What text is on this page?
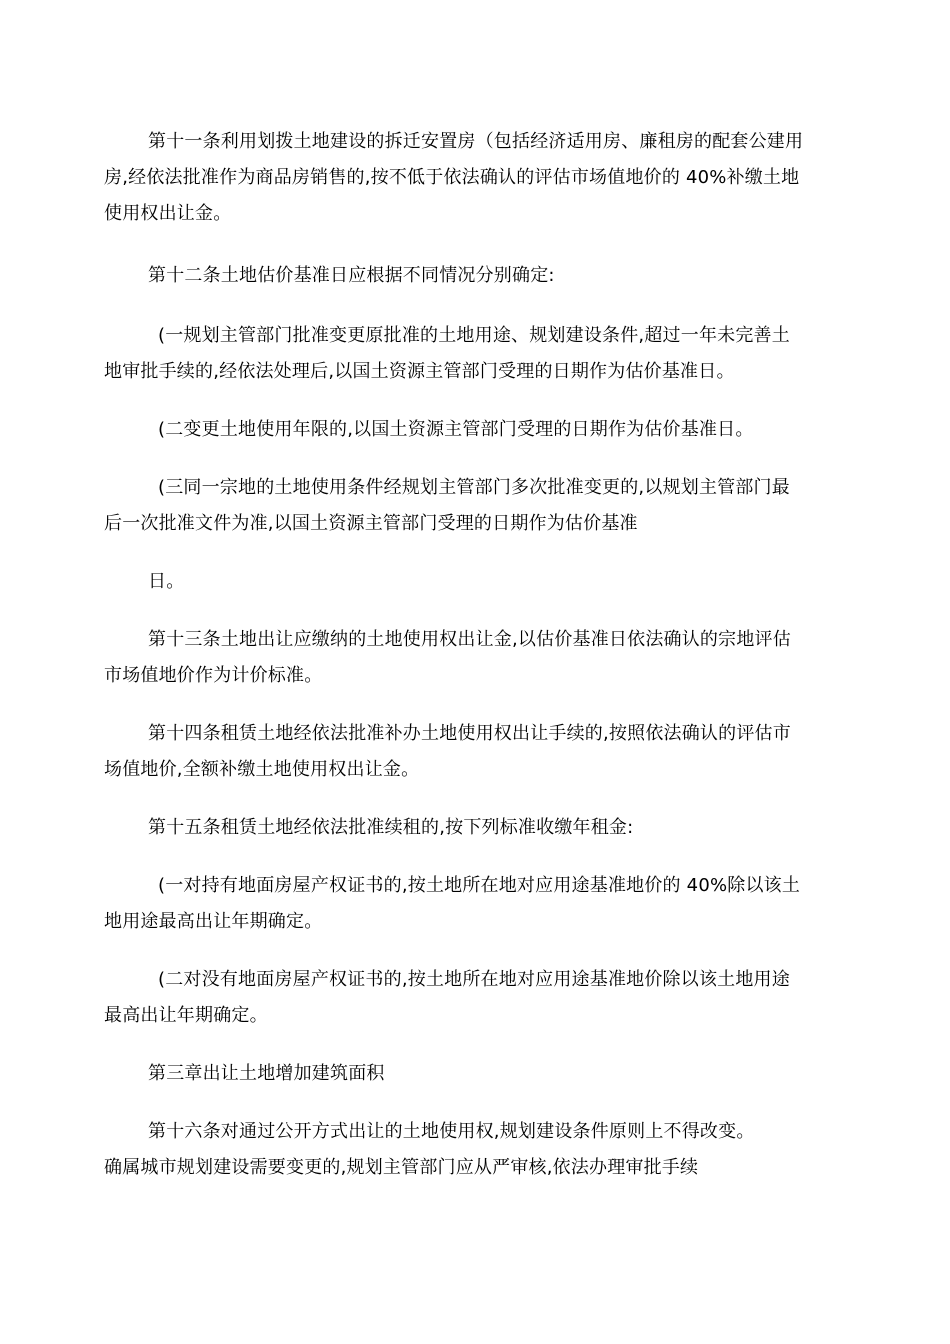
第十一条利用划拨土地建设的拆迁安置房（包括经济适用房、廉租房的配套公建用
房,经依法批准作为商品房销售的,按不低于依法确认的评估市场值地价的 40%补缴土地
使用权出让金。

第十二条土地估价基准日应根据不同情况分别确定:

(一规划主管部门批准变更原批准的土地用途、规划建设条件,超过一年未完善土
地审批手续的,经依法处理后,以国土资源主管部门受理的日期作为估价基准日。

(二变更土地使用年限的,以国土资源主管部门受理的日期作为估价基准日。

(三同一宗地的土地使用条件经规划主管部门多次批准变更的,以规划主管部门最
后一次批准文件为准,以国土资源主管部门受理的日期作为估价基准

日。

第十三条土地出让应缴纳的土地使用权出让金,以估价基准日依法确认的宗地评估
市场值地价作为计价标准。

第十四条租赁土地经依法批准补办土地使用权出让手续的,按照依法确认的评估市
场值地价,全额补缴土地使用权出让金。

第十五条租赁土地经依法批准续租的,按下列标准收缴年租金:

(一对持有地面房屋产权证书的,按土地所在地对应用途基准地价的 40%除以该土
地用途最高出让年期确定。

(二对没有地面房屋产权证书的,按土地所在地对应用途基准地价除以该土地用途
最高出让年期确定。

第三章出让土地增加建筑面积

第十六条对通过公开方式出让的土地使用权,规划建设条件原则上不得改变。
确属城市规划建设需要变更的,规划主管部门应从严审核,依法办理审批手续
